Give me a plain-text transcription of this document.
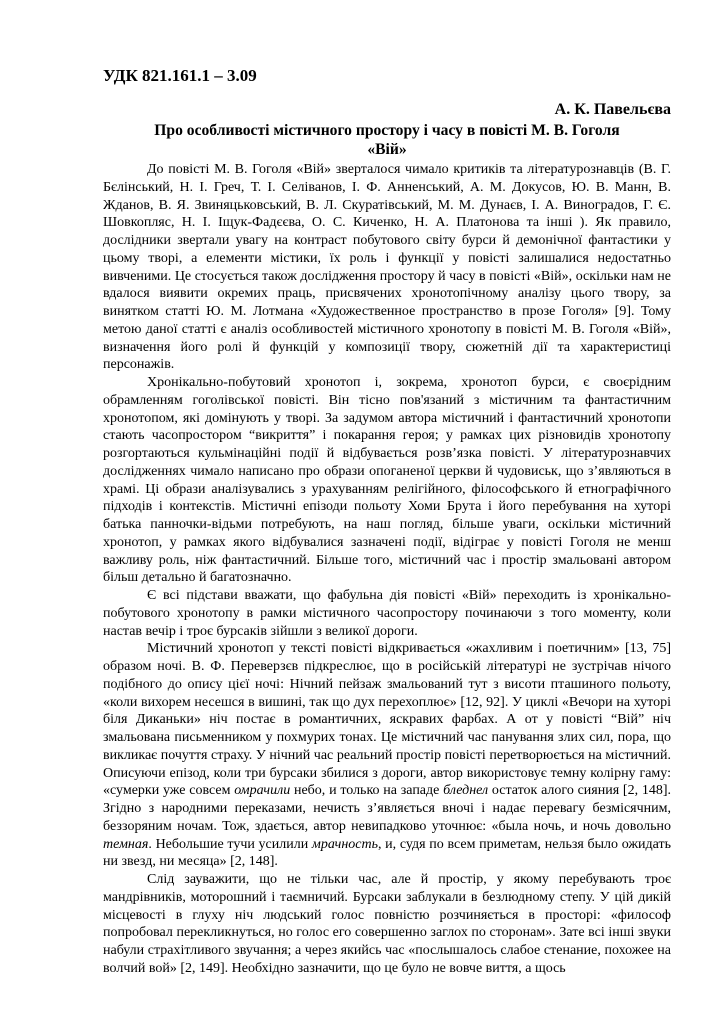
УДК 821.161.1 – 3.09

А. К. Павельєва

Про особливості містичного простору і часу в повісті М. В. Гоголя
«Вій»

До повісті М. В. Гоголя «Вій» зверталося чимало критиків та літературознавців (В. Г. Бєлінський, Н. І. Греч, Т. І. Селіванов, І. Ф. Анненський, А. М. Докусов, Ю. В. Манн, В. Жданов, В. Я. Звиняцьковський, В. Л. Скуратівський, М. М. Дунаєв, І. А. Виноградов, Г. Є. Шовкопляс, Н. І. Іщук-Фадєєва, О. С. Киченко, Н. А. Платонова та інші ). Як правило, дослідники звертали увагу на контраст побутового світу бурси й демонічної фантастики у цьому творі, а елементи містики, їх роль і функції у повісті залишалися недостатньо вивченими. Це стосується також дослідження простору й часу в повісті «Вій», оскільки нам не вдалося виявити окремих праць, присвячених хронотопічному аналізу цього твору, за винятком статті Ю. М. Лотмана «Художественное пространство в прозе Гоголя» [9]. Тому метою даної статті є аналіз особливостей містичного хронотопу в повісті М. В. Гоголя «Вій», визначення його ролі й функцій у композиції твору, сюжетній дії та характеристиці персонажів.

Хронікально-побутовий хронотоп і, зокрема, хронотоп бурси, є своєрідним обрамленням гоголівської повісті. Він тісно пов'язаний з містичним та фантастичним хронотопом, які домінують у творі. За задумом автора містичний і фантастичний хронотопи стають часопростором “викриття” і покарання героя; у рамках цих різновидів хронотопу розгортаються кульмінаційні події й відбувається розв’язка повісті. У літературознавчих дослідженнях чимало написано про образи опоганеної церкви й чудовиськ, що з’являються в храмі. Ці образи аналізувались з урахуванням релігійного, філософського й етнографічного підходів і контекстів. Містичні епізоди польоту Хоми Брута і його перебування на хуторі батька панночки-відьми потребують, на наш погляд, більше уваги, оскільки містичний хронотоп, у рамках якого відбувалися зазначені події, відіграє у повісті Гоголя не менш важливу роль, ніж фантастичний. Більше того, містичний час і простір змальовані автором більш детально й багатозначно.

Є всі підстави вважати, що фабульна дія повісті «Вій» переходить із хронікально-побутового хронотопу в рамки містичного часопростору починаючи з того моменту, коли настав вечір і троє бурсаків зійшли з великої дороги.

Містичний хронотоп у тексті повісті відкривається «жахливим і поетичним» [13, 75] образом ночі. В. Ф. Переверзєв підкреслює, що в російській літературі не зустрічав нічого подібного до опису цієї ночі: Нічний пейзаж змальований тут з висоти пташиного польоту, «коли вихорем несешся в вишині, так що дух перехоплює» [12, 92]. У циклі «Вечори на хуторі біля Диканьки» ніч постає в романтичних, яскравих фарбах. А от у повісті “Вій” ніч змальована письменником у похмурих тонах. Це містичний час панування злих сил, пора, що викликає почуття страху. У нічний час реальний простір повісті перетворюється на містичний. Описуючи епізод, коли три бурсаки збилися з дороги, автор використовує темну колірну гаму: «сумерки уже совсем омрачили небо, и только на западе бледнел остаток алого сияния [2, 148]. Згідно з народними переказами, нечисть з’являється вночі і надає перевагу безмісячним, беззоряним ночам. Тож, здається, автор невипадково уточнює: «была ночь, и ночь довольно темная. Небольшие тучи усилили мрачность, и, судя по всем приметам, нельзя было ожидать ни звезд, ни месяца» [2, 148].

Слід зауважити, що не тільки час, але й простір, у якому перебувають троє мандрівників, моторошний і таємничий. Бурсаки заблукали в безлюдному степу. У цій дикій місцевості в глуху ніч людський голос повністю розчиняється в просторі: «философ попробовал перекликнуться, но голос его совершенно заглох по сторонам». Зате всі інші звуки набули страхітливого звучання; а через якийсь час «послышалось слабое стенание, похожее на волчий вой» [2, 149]. Необхідно зазначити, що це було не вовче виття, а щось
